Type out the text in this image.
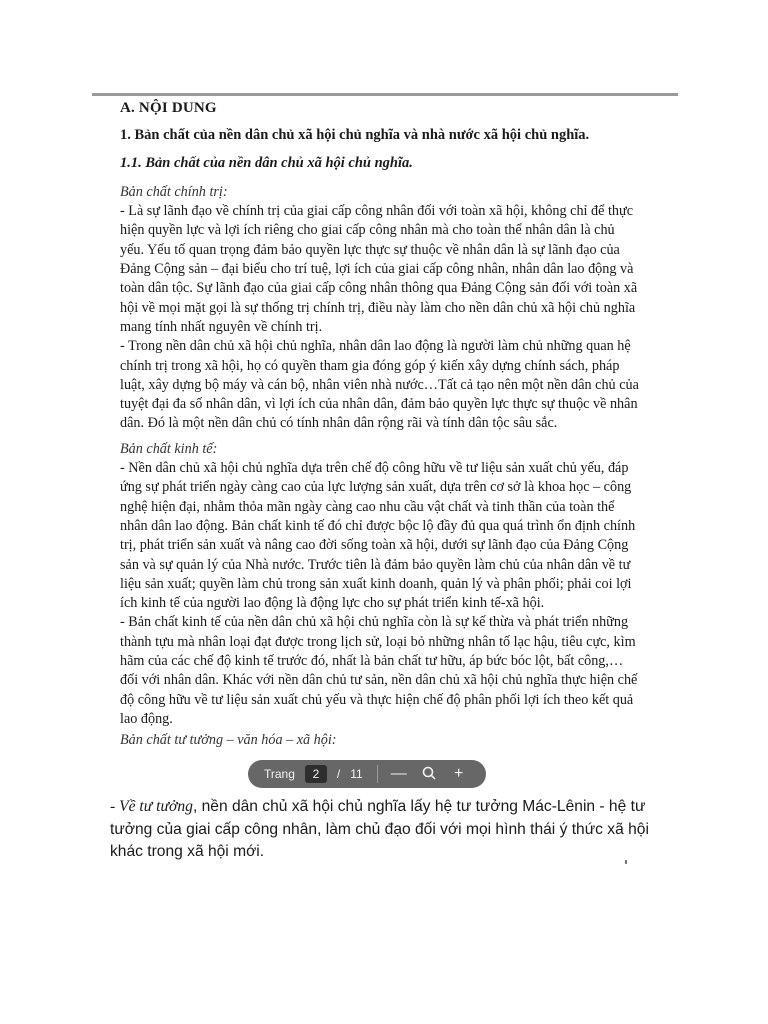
A. NỘI DUNG
1. Bản chất của nền dân chủ xã hội chủ nghĩa và nhà nước xã hội chủ nghĩa.
1.1. Bản chất của nền dân chủ xã hội chủ nghĩa.
Bản chất chính trị:

- Là sự lãnh đạo về chính trị của giai cấp công nhân đối với toàn xã hội, không chỉ để thực hiện quyền lực và lợi ích riêng cho giai cấp công nhân mà cho toàn thể nhân dân là chủ yếu. Yếu tố quan trọng đảm bảo quyền lực thực sự thuộc về nhân dân là sự lãnh đạo của Đảng Cộng sản – đại biểu cho trí tuệ, lợi ích của giai cấp công nhân, nhân dân lao động và toàn dân tộc. Sự lãnh đạo của giai cấp công nhân thông qua Đảng Cộng sản đối với toàn xã hội về mọi mặt gọi là sự thống trị chính trị, điều này làm cho nền dân chủ xã hội chủ nghĩa mang tính nhất nguyên về chính trị.

- Trong nền dân chủ xã hội chủ nghĩa, nhân dân lao động là người làm chủ những quan hệ chính trị trong xã hội, họ có quyền tham gia đóng góp ý kiến xây dựng chính sách, pháp luật, xây dựng bộ máy và cán bộ, nhân viên nhà nước…Tất cả tạo nên một nền dân chủ của tuyệt đại đa số nhân dân, vì lợi ích của nhân dân, đảm bảo quyền lực thực sự thuộc về nhân dân. Đó là một nền dân chủ có tính nhân dân rộng rãi và tính dân tộc sâu sắc.

Bản chất kinh tế:

- Nền dân chủ xã hội chủ nghĩa dựa trên chế độ công hữu về tư liệu sản xuất chủ yếu, đáp ứng sự phát triển ngày càng cao của lực lượng sản xuất, dựa trên cơ sở là khoa học – công nghệ hiện đại, nhằm thỏa mãn ngày càng cao nhu cầu vật chất và tinh thần của toàn thể nhân dân lao động. Bản chất kinh tế đó chỉ được bộc lộ đầy đủ qua quá trình ổn định chính trị, phát triển sản xuất và nâng cao đời sống toàn xã hội, dưới sự lãnh đạo của Đảng Cộng sản và sự quản lý của Nhà nước. Trước tiên là đảm bảo quyền làm chủ của nhân dân về tư liệu sản xuất; quyền làm chủ trong sản xuất kinh doanh, quản lý và phân phối; phải coi lợi ích kinh tế của người lao động là động lực cho sự phát triển kinh tế-xã hội.

- Bản chất kinh tế của nền dân chủ xã hội chủ nghĩa còn là sự kế thừa và phát triển những thành tựu mà nhân loại đạt được trong lịch sử, loại bỏ những nhân tố lạc hậu, tiêu cực, kìm hãm của các chế độ kinh tế trước đó, nhất là bản chất tư hữu, áp bức bóc lột, bất công,… đối với nhân dân. Khác với nền dân chủ tư sản, nền dân chủ xã hội chủ nghĩa thực hiện chế độ công hữu về tư liệu sản xuất chủ yếu và thực hiện chế độ phân phối lợi ích theo kết quả lao động.

Bản chất tư tưởng – văn hóa – xã hội:
Trang	2	/ 11 —	+
- Về tư tưởng, nền dân chủ xã hội chủ nghĩa lấy hệ tư tưởng Mác-Lênin - hệ tư tưởng của giai cấp công nhân, làm chủ đạo đối với mọi hình thái ý thức xã hội khác trong xã hội mới.
